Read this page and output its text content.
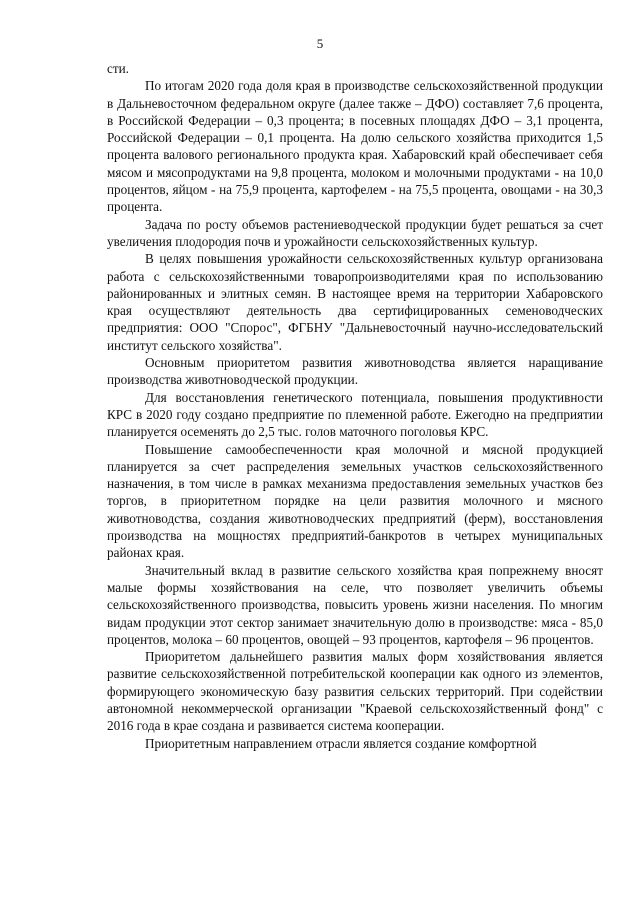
5

сти.

По итогам 2020 года доля края в производстве сельскохозяйственной продукции в Дальневосточном федеральном округе (далее также – ДФО) составляет 7,6 процента, в Российской Федерации – 0,3 процента; в посевных площадях ДФО – 3,1 процента, Российской Федерации – 0,1 процента. На долю сельского хозяйства приходится 1,5 процента валового регионального продукта края. Хабаровский край обеспечивает себя мясом и мясопродуктами на 9,8 процента, молоком и молочными продуктами - на 10,0 процентов, яйцом - на 75,9 процента, картофелем - на 75,5 процента, овощами - на 30,3 процента.

Задача по росту объемов растениеводческой продукции будет решаться за счет увеличения плодородия почв и урожайности сельскохозяйственных культур.

В целях повышения урожайности сельскохозяйственных культур организована работа с сельскохозяйственными товаропроизводителями края по использованию районированных и элитных семян. В настоящее время на территории Хабаровского края осуществляют деятельность два сертифицированных семеноводческих предприятия: ООО "Спорос", ФГБНУ "Дальневосточный научно-исследовательский институт сельского хозяйства".

Основным приоритетом развития животноводства является наращивание производства животноводческой продукции.

Для восстановления генетического потенциала, повышения продуктивности КРС в 2020 году создано предприятие по племенной работе. Ежегодно на предприятии планируется осеменять до 2,5 тыс. голов маточного поголовья КРС.

Повышение самообеспеченности края молочной и мясной продукцией планируется за счет распределения земельных участков сельскохозяйственного назначения, в том числе в рамках механизма предоставления земельных участков без торгов, в приоритетном порядке на цели развития молочного и мясного животноводства, создания животноводческих предприятий (ферм), восстановления производства на мощностях предприятий-банкротов в четырех муниципальных районах края.

Значительный вклад в развитие сельского хозяйства края попрежнему вносят малые формы хозяйствования на селе, что позволяет увеличить объемы сельскохозяйственного производства, повысить уровень жизни населения. По многим видам продукции этот сектор занимает значительную долю в производстве: мяса - 85,0 процентов, молока – 60 процентов, овощей – 93 процентов, картофеля – 96 процентов.

Приоритетом дальнейшего развития малых форм хозяйствования является развитие сельскохозяйственной потребительской кооперации как одного из элементов, формирующего экономическую базу развития сельских территорий. При содействии автономной некоммерческой организации "Краевой сельскохозяйственный фонд" с 2016 года в крае создана и развивается система кооперации.

Приоритетным направлением отрасли является создание комфортной
